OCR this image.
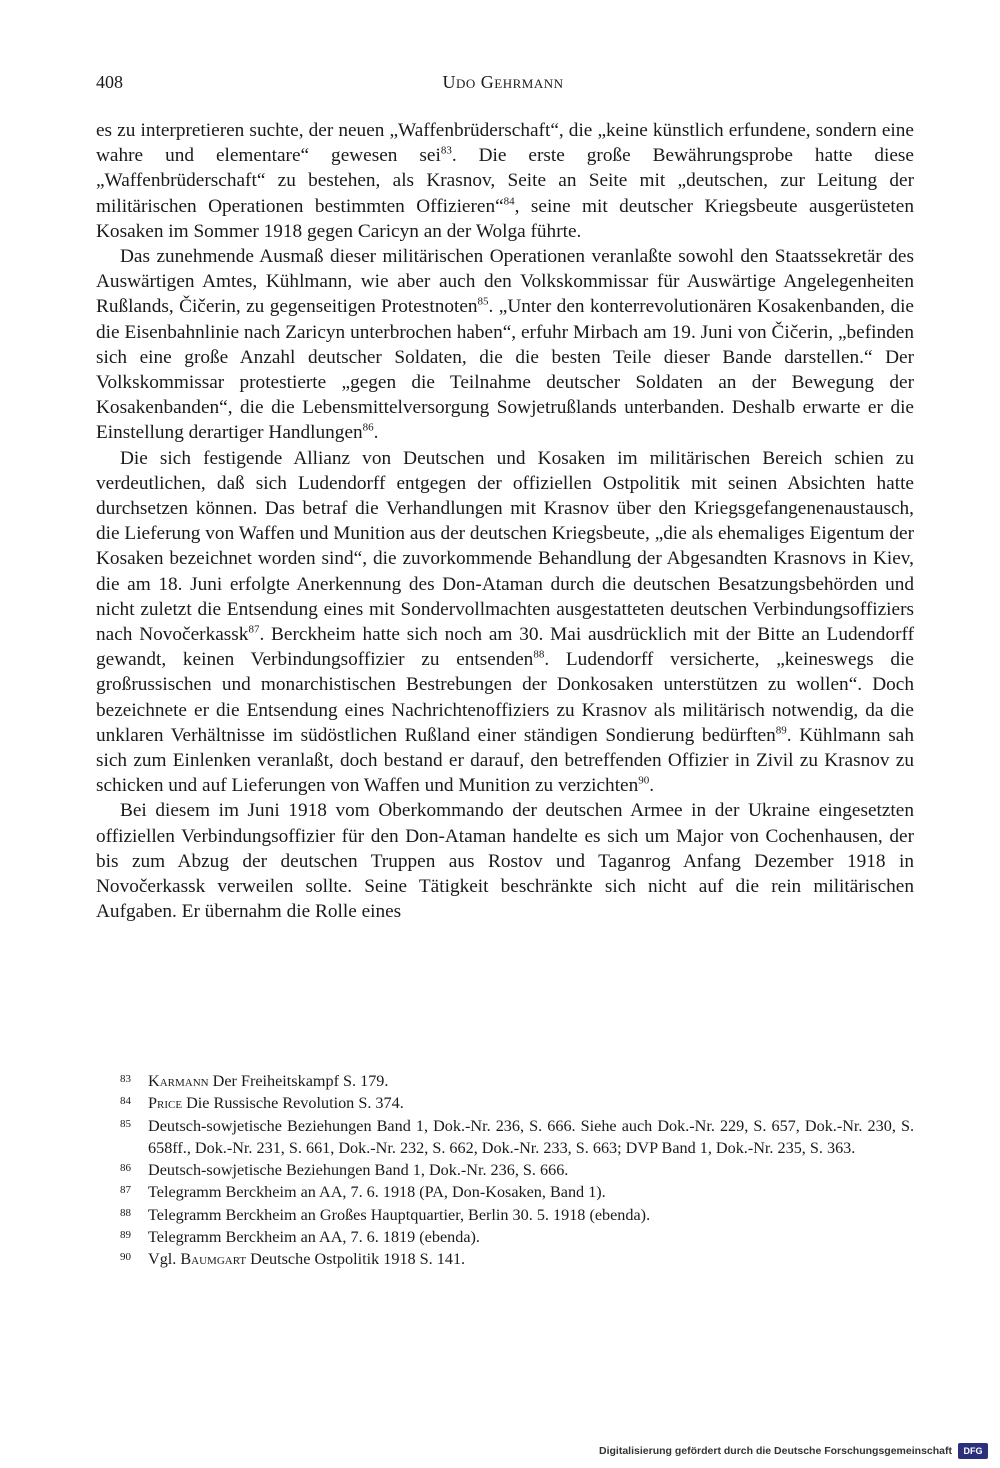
408	Udo Gehrmann

es zu interpretieren suchte, der neuen „Waffenbrüderschaft“, die „keine künstlich erfundene, sondern eine wahre und elementare“ gewesen sei$^{83}$. Die erste große Bewährungsprobe hatte diese „Waffenbrüderschaft“ zu bestehen, als Krasnov, Seite an Seite mit „deutschen, zur Leitung der militärischen Operationen bestimmten Offizieren“$^{84}$, seine mit deutscher Kriegsbeute ausgerüsteten Kosaken im Sommer 1918 gegen Caricyn an der Wolga führte.

Das zunehmende Ausmaß dieser militärischen Operationen veranlaßte sowohl den Staatssekretär des Auswärtigen Amtes, Kühlmann, wie aber auch den Volkskommissar für Auswärtige Angelegenheiten Rußlands, Čičerin, zu gegenseitigen Protestnoten$^{85}$. „Unter den konterrevolutionären Kosakenbanden, die die Eisenbahnlinie nach Zaricyn unterbrochen haben“, erfuhr Mirbach am 19. Juni von Čičerin, „befinden sich eine große Anzahl deutscher Soldaten, die die besten Teile dieser Bande darstellen.“ Der Volkskommissar protestierte „gegen die Teilnahme deutscher Soldaten an der Bewegung der Kosakenbanden“, die die Lebensmittelversorgung Sowjetrußlands unterbanden. Deshalb erwarte er die Einstellung derartiger Handlungen$^{86}$.

Die sich festigende Allianz von Deutschen und Kosaken im militärischen Bereich schien zu verdeutlichen, daß sich Ludendorff entgegen der offiziellen Ostpolitik mit seinen Absichten hatte durchsetzen können. Das betraf die Verhandlungen mit Krasnov über den Kriegsgefangenenaustausch, die Lieferung von Waffen und Munition aus der deutschen Kriegsbeute, „die als ehemaliges Eigentum der Kosaken bezeichnet worden sind“, die zuvorkommende Behandlung der Abgesandten Krasnovs in Kiev, die am 18. Juni erfolgte Anerkennung des Don-Ataman durch die deutschen Besatzungsbehörden und nicht zuletzt die Entsendung eines mit Sondervollmachten ausgestatteten deutschen Verbindungsoffiziers nach Novočerkassk$^{87}$. Berckheim hatte sich noch am 30. Mai ausdrücklich mit der Bitte an Ludendorff gewandt, keinen Verbindungsoffizier zu entsenden$^{88}$. Ludendorff versicherte, „keineswegs die großrussischen und monarchistischen Bestrebungen der Donkosaken unterstützen zu wollen“. Doch bezeichnete er die Entsendung eines Nachrichtenoffiziers zu Krasnov als militärisch notwendig, da die unklaren Verhältnisse im südöstlichen Rußland einer ständigen Sondierung bedürften$^{89}$. Kühlmann sah sich zum Einlenken veranlaßt, doch bestand er darauf, den betreffenden Offizier in Zivil zu Krasnov zu schicken und auf Lieferungen von Waffen und Munition zu verzichten$^{90}$.

Bei diesem im Juni 1918 vom Oberkommando der deutschen Armee in der Ukraine eingesetzten offiziellen Verbindungsoffizier für den Don-Ataman handelte es sich um Major von Cochenhausen, der bis zum Abzug der deutschen Truppen aus Rostov und Taganrog Anfang Dezember 1918 in Novočerkassk verweilen sollte. Seine Tätigkeit beschränkte sich nicht auf die rein militärischen Aufgaben. Er übernahm die Rolle eines

83	Karmann Der Freiheitskampf S. 179.
84	Price Die Russische Revolution S. 374.
85	Deutsch-sowjetische Beziehungen Band 1, Dok.-Nr. 236, S. 666. Siehe auch Dok.-Nr. 229, S. 657, Dok.-Nr. 230, S. 658ff., Dok.-Nr. 231, S. 661, Dok.-Nr. 232, S. 662, Dok.-Nr. 233, S. 663; DVP Band 1, Dok.-Nr. 235, S. 363.
86	Deutsch-sowjetische Beziehungen Band 1, Dok.-Nr. 236, S. 666.
87	Telegramm Berckheim an AA, 7. 6. 1918 (PA, Don-Kosaken, Band 1).
88	Telegramm Berckheim an Großes Hauptquartier, Berlin 30. 5. 1918 (ebenda).
89	Telegramm Berckheim an AA, 7. 6. 1819 (ebenda).
90	Vgl. Baumgart Deutsche Ostpolitik 1918 S. 141.
Digitalisierung gefördert durch die Deutsche Forschungsgemeinschaft	DFG
